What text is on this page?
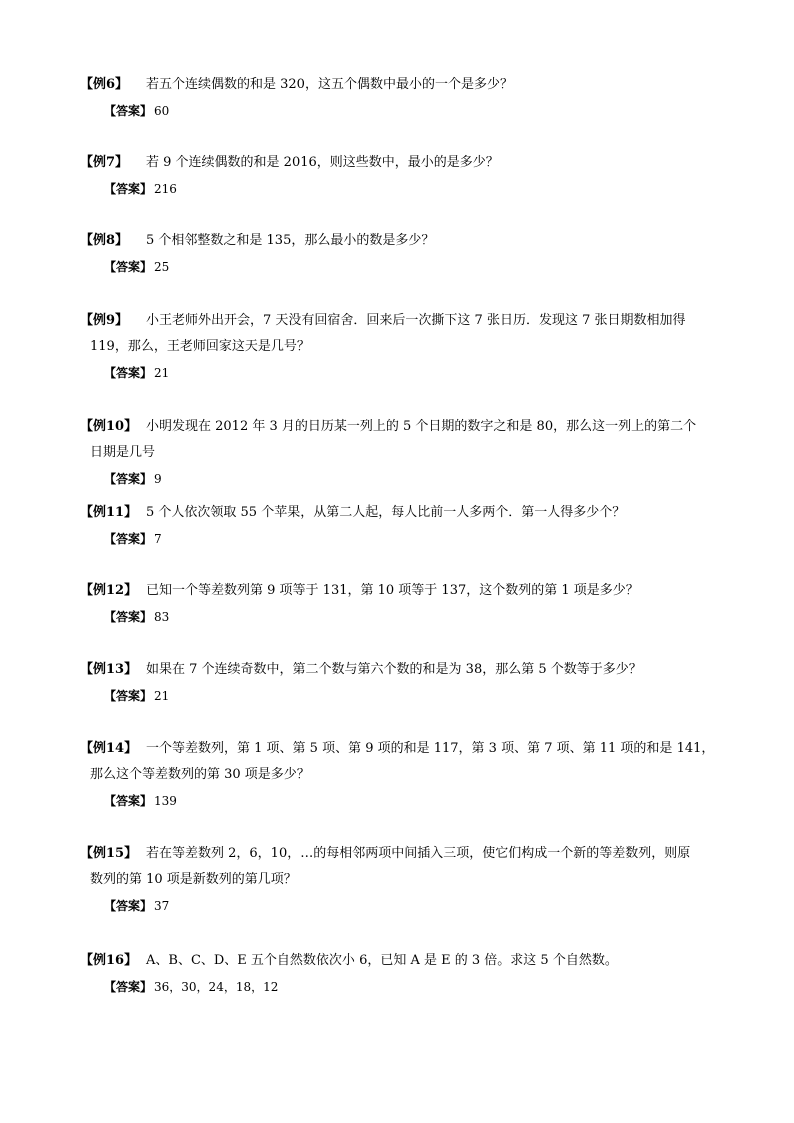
【例6】 若五个连续偶数的和是 320，这五个偶数中最小的一个是多少？
【答案】 60
【例7】 若 9 个连续偶数的和是 2016，则这些数中，最小的是多少？
【答案】 216
【例8】 5 个相邻整数之和是 135，那么最小的数是多少？
【答案】 25
【例9】 小王老师外出开会，7 天没有回宿舍．回来后一次撕下这 7 张日历．发现这 7 张日期数相加得
119，那么，王老师回家这天是几号？
【答案】 21
【例10】 小明发现在 2012 年 3 月的日历某一列上的 5 个日期的数字之和是 80，那么这一列上的第二个
日期是几号
【答案】 9
【例11】 5 个人依次领取 55 个苹果，从第二人起，每人比前一人多两个．第一人得多少个？
【答案】 7
【例12】 已知一个等差数列第 9 项等于 131，第 10 项等于 137，这个数列的第 1 项是多少？
【答案】 83
【例13】 如果在 7 个连续奇数中，第二个数与第六个数的和是为 38，那么第 5 个数等于多少？
【答案】 21
【例14】 一个等差数列，第 1 项、第 5 项、第 9 项的和是 117，第 3 项、第 7 项、第 11 项的和是 141，
那么这个等差数列的第 30 项是多少？
【答案】 139
【例15】 若在等差数列 2，6，10，…的每相邻两项中间插入三项，使它们构成一个新的等差数列，则原
数列的第 10 项是新数列的第几项？
【答案】 37
【例16】 A、B、C、D、E 五个自然数依次小 6，已知 A 是 E 的 3 倍。求这 5 个自然数。
【答案】 36，30，24，18，12
